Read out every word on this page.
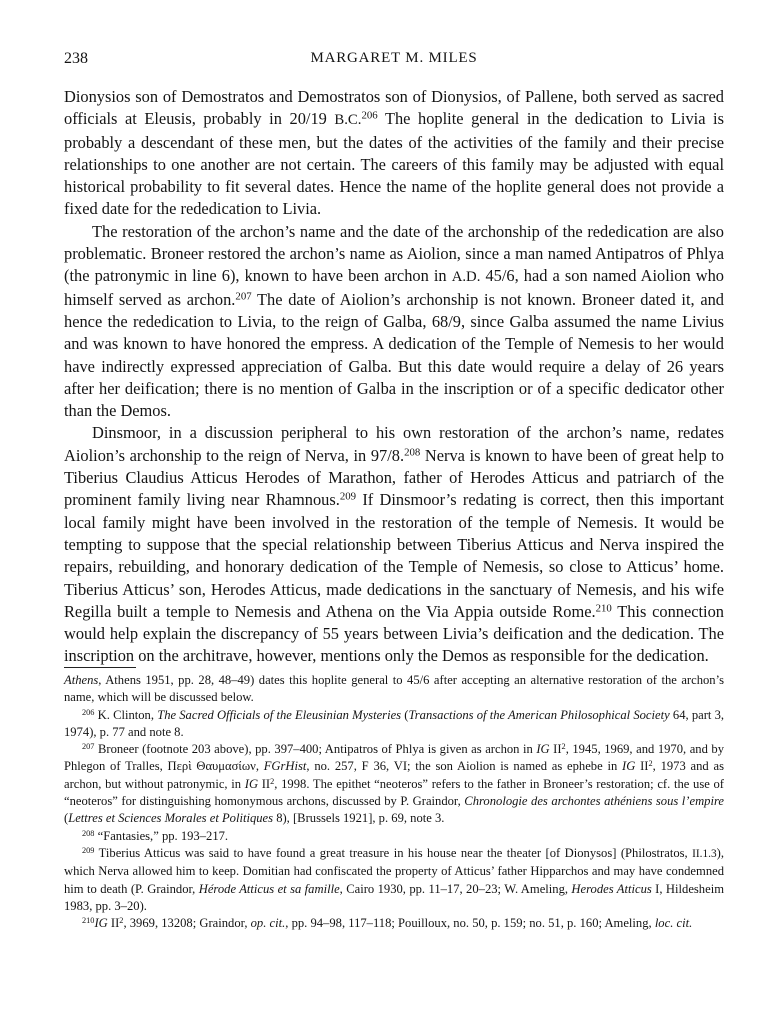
238	MARGARET M. MILES

Dionysios son of Demostratos and Demostratos son of Dionysios, of Pallene, both served as sacred officials at Eleusis, probably in 20/19 B.C.$^{206}$ The hoplite general in the dedication to Livia is probably a descendant of these men, but the dates of the activities of the family and their precise relationships to one another are not certain. The careers of this family may be adjusted with equal historical probability to fit several dates. Hence the name of the hoplite general does not provide a fixed date for the rededication to Livia.

The restoration of the archon’s name and the date of the archonship of the rededication are also problematic. Broneer restored the archon’s name as Aiolion, since a man named Antipatros of Phlya (the patronymic in line 6), known to have been archon in A.D. 45/6, had a son named Aiolion who himself served as archon.$^{207}$ The date of Aiolion’s archonship is not known. Broneer dated it, and hence the rededication to Livia, to the reign of Galba, 68/9, since Galba assumed the name Livius and was known to have honored the empress. A dedication of the Temple of Nemesis to her would have indirectly expressed appreciation of Galba. But this date would require a delay of 26 years after her deification; there is no mention of Galba in the inscription or of a specific dedicator other than the Demos.

Dinsmoor, in a discussion peripheral to his own restoration of the archon’s name, redates Aiolion’s archonship to the reign of Nerva, in 97/8.$^{208}$ Nerva is known to have been of great help to Tiberius Claudius Atticus Herodes of Marathon, father of Herodes Atticus and patriarch of the prominent family living near Rhamnous.$^{209}$ If Dinsmoor’s redating is correct, then this important local family might have been involved in the restoration of the temple of Nemesis. It would be tempting to suppose that the special relationship between Tiberius Atticus and Nerva inspired the repairs, rebuilding, and honorary dedication of the Temple of Nemesis, so close to Atticus’ home. Tiberius Atticus’ son, Herodes Atticus, made dedications in the sanctuary of Nemesis, and his wife Regilla built a temple to Nemesis and Athena on the Via Appia outside Rome.$^{210}$ This connection would help explain the discrepancy of 55 years between Livia’s deification and the dedication. The inscription on the architrave, however, mentions only the Demos as responsible for the dedication.

Athens, Athens 1951, pp. 28, 48–49) dates this hoplite general to 45/6 after accepting an alternative restoration of the archon’s name, which will be discussed below.

$^{206}$ K. Clinton, The Sacred Officials of the Eleusinian Mysteries (Transactions of the American Philosophical Society 64, part 3, 1974), p. 77 and note 8.

$^{207}$ Broneer (footnote 203 above), pp. 397–400; Antipatros of Phlya is given as archon in IG $II^2$, 1945, 1969, and 1970, and by Phlegon of Tralles, Περὶ Θαυμασίων, FGrHist, no. 257, F 36, VI; the son Aiolion is named as ephebe in IG $II^2$, 1973 and as archon, but without patronymic, in IG $II^2$, 1998. The epithet “neoteros” refers to the father in Broneer’s restoration; cf. the use of “neoteros” for distinguishing homonymous archons, discussed by P. Graindor, Chronologie des archontes athéniens sous l’empire (Lettres et Sciences Morales et Politiques 8), [Brussels 1921], p. 69, note 3.

$^{208}$ “Fantasies,” pp. 193–217.

$^{209}$ Tiberius Atticus was said to have found a great treasure in his house near the theater [of Dionysos] (Philostratos, II.1.3), which Nerva allowed him to keep. Domitian had confiscated the property of Atticus’ father Hipparchos and may have condemned him to death (P. Graindor, Hérode Atticus et sa famille, Cairo 1930, pp. 11–17, 20–23; W. Ameling, Herodes Atticus I, Hildesheim 1983, pp. 3–20).

$^{210}$IG $II^2$, 3969, 13208; Graindor, op. cit., pp. 94–98, 117–118; Pouilloux, no. 50, p. 159; no. 51, p. 160; Ameling, loc. cit.
